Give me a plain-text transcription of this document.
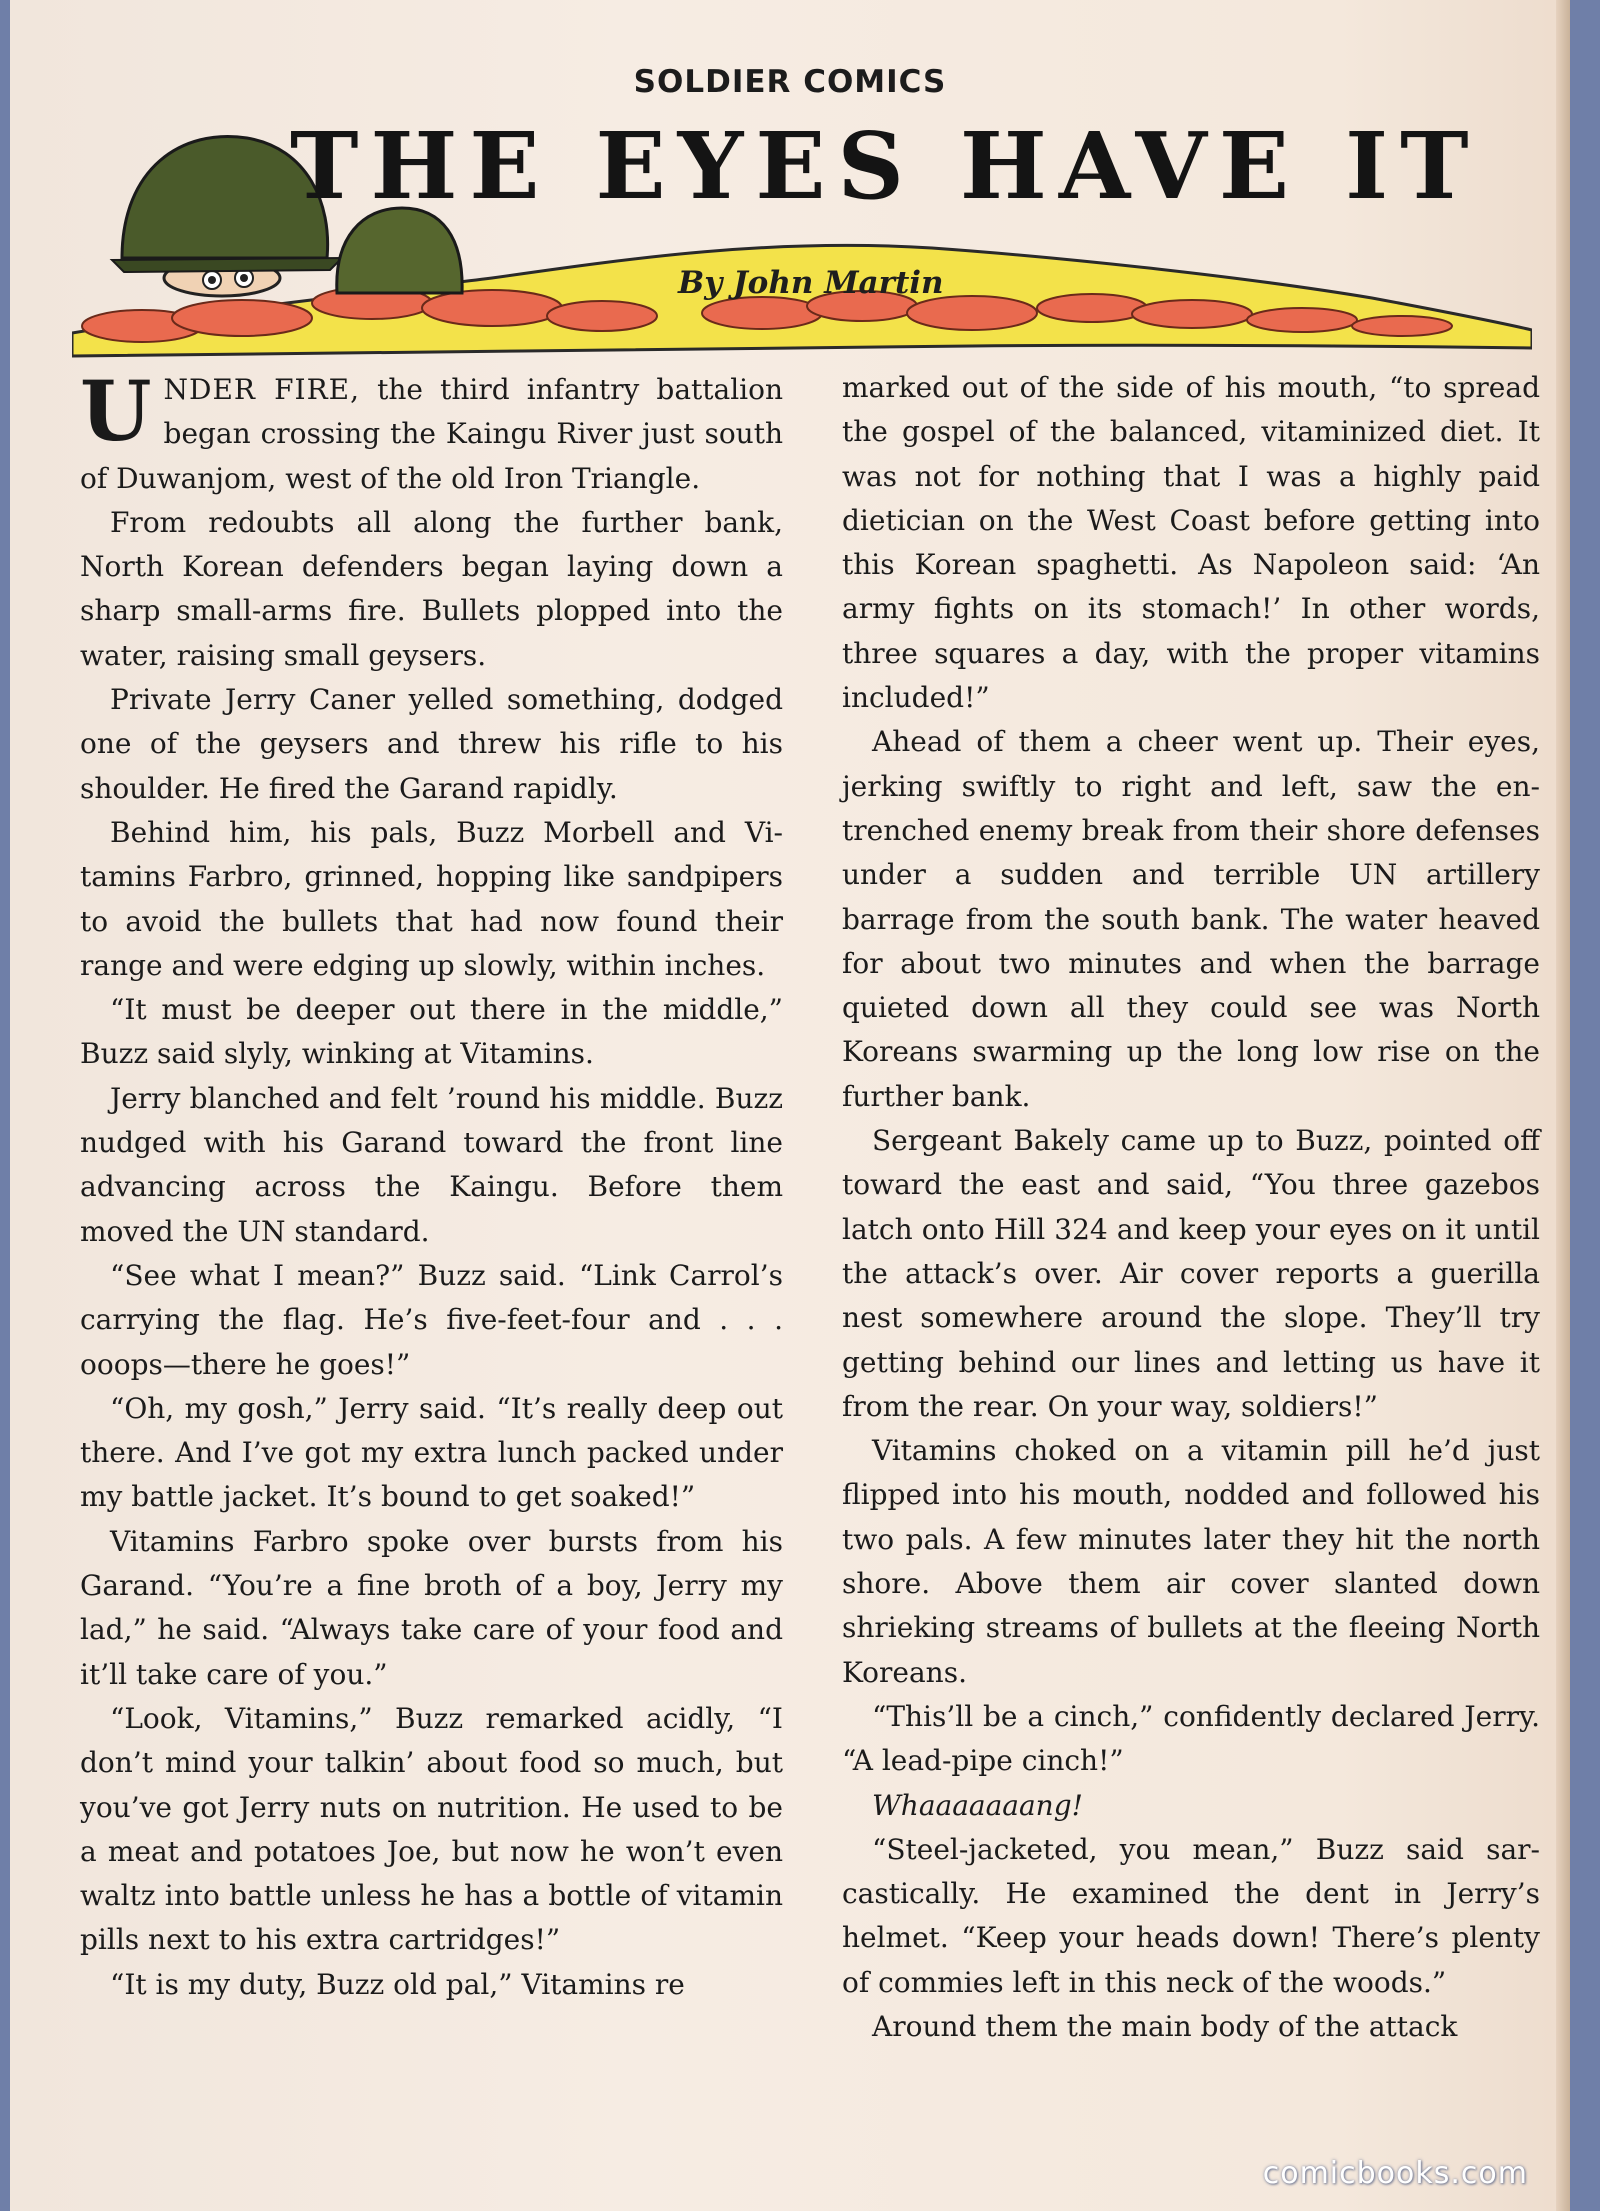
SOLDIER COMICS
THE EYES HAVE IT
By John Martin

UNDER FIRE, the third infantry battalion began crossing the Kaingu River just south of Duwanjom, west of the old Iron Triangle.

From redoubts all along the further bank, North Korean defenders began laying down a sharp small-arms fire. Bullets plopped into the water, raising small geysers.

Private Jerry Caner yelled something, dodged one of the geysers and threw his rifle to his shoulder. He fired the Garand rapidly.

Behind him, his pals, Buzz Morbell and Vitamins Farbro, grinned, hopping like sandpipers to avoid the bullets that had now found their range and were edging up slowly, within inches.

“It must be deeper out there in the middle,” Buzz said slyly, winking at Vitamins.

Jerry blanched and felt ’round his middle. Buzz nudged with his Garand toward the front line advancing across the Kaingu. Before them moved the UN standard.

“See what I mean?” Buzz said. “Link Carrol’s carrying the flag. He’s five-feet-four and . . . ooops—there he goes!”

“Oh, my gosh,” Jerry said. “It’s really deep out there. And I’ve got my extra lunch packed under my battle jacket. It’s bound to get soaked!”

Vitamins Farbro spoke over bursts from his Garand. “You’re a fine broth of a boy, Jerry my lad,” he said. “Always take care of your food and it’ll take care of you.”

“Look, Vitamins,” Buzz remarked acidly, “I don’t mind your talkin’ about food so much, but you’ve got Jerry nuts on nutrition. He used to be a meat and potatoes Joe, but now he won’t even waltz into battle unless he has a bottle of vitamin pills next to his extra cartridges!”

“It is my duty, Buzz old pal,” Vitamins re

marked out of the side of his mouth, “to spread the gospel of the balanced, vitaminized diet. It was not for nothing that I was a highly paid dietician on the West Coast before getting into this Korean spaghetti. As Napoleon said: ‘An army fights on its stomach!’ In other words, three squares a day, with the proper vitamins included!”

Ahead of them a cheer went up. Their eyes, jerking swiftly to right and left, saw the entrenched enemy break from their shore defenses under a sudden and terrible UN artillery barrage from the south bank. The water heaved for about two minutes and when the barrage quieted down all they could see was North Koreans swarming up the long low rise on the further bank.

Sergeant Bakely came up to Buzz, pointed off toward the east and said, “You three gazebos latch onto Hill 324 and keep your eyes on it until the attack’s over. Air cover reports a guerilla nest somewhere around the slope. They’ll try getting behind our lines and letting us have it from the rear. On your way, soldiers!”

Vitamins choked on a vitamin pill he’d just flipped into his mouth, nodded and followed his two pals. A few minutes later they hit the north shore. Above them air cover slanted down shrieking streams of bullets at the fleeing North Koreans.

“This’ll be a cinch,” confidently declared Jerry. “A lead-pipe cinch!”

Whaaaaaaang!

“Steel-jacketed, you mean,” Buzz said sarcastically. He examined the dent in Jerry’s helmet. “Keep your heads down! There’s plenty of commies left in this neck of the woods.”

Around them the main body of the attack

comicbooks.com
